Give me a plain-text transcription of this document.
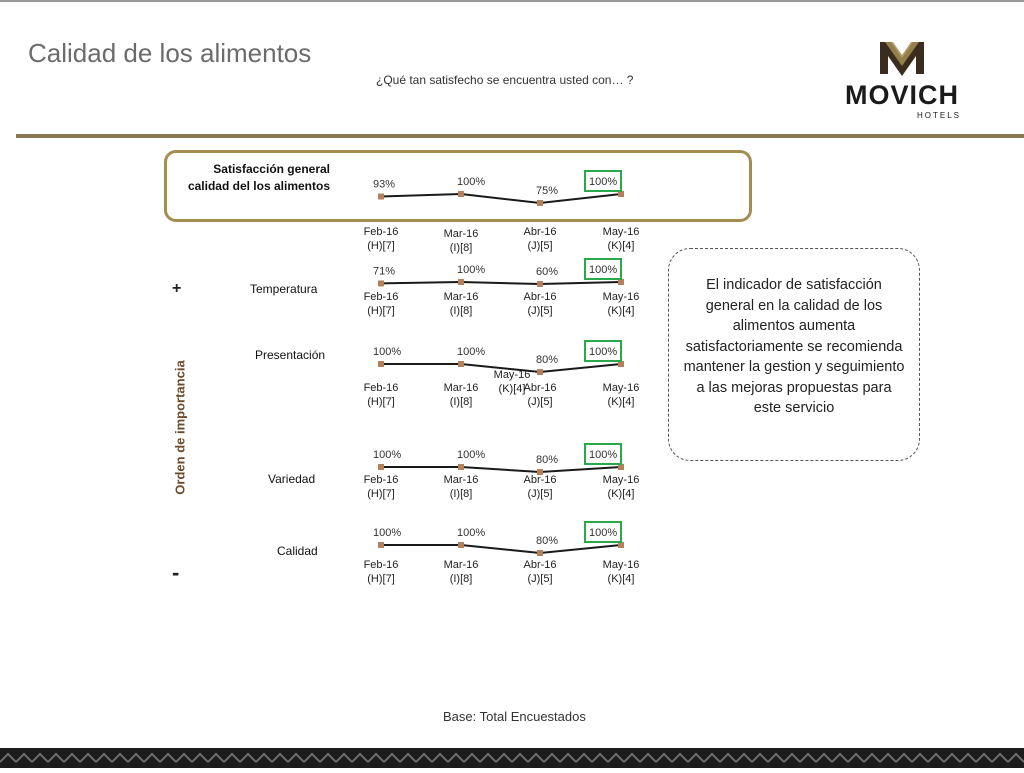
Calidad de los alimentos
¿Qué tan satisfecho se encuentra usted con… ?	MOVICH
HOTELS
Satisfacción general calidad del los alimentos
Temperatura
Presentación
Variedad
Calidad
+
-
Orden de importancia
El indicador de satisfacción general en la calidad de los alimentos aumenta satisfactoriamente se recomienda mantener la gestion y seguimiento a las mejoras propuestas para este servicio
Base: Total Encuestados
93%
Feb-16
(H)[7]
100%
Mar-16
(I)[8]
75%
Abr-16
(J)[5]
100%
May-16
(K)[4]
71%
Feb-16
(H)[7]
100%
Mar-16
(I)[8]
60%
Abr-16
(J)[5]
100%
May-16
(K)[4]
100%
Feb-16
(H)[7]
100%
Mar-16
(I)[8]
80%
Abr-16
(J)[5]
100%
May-16
(K)[4]
May-16
(K)[4]
100%
Feb-16
(H)[7]
100%
Mar-16
(I)[8]
80%
Abr-16
(J)[5]
100%
May-16
(K)[4]
100%
Feb-16
(H)[7]
100%
Mar-16
(I)[8]
80%
Abr-16
(J)[5]
100%
May-16
(K)[4]
